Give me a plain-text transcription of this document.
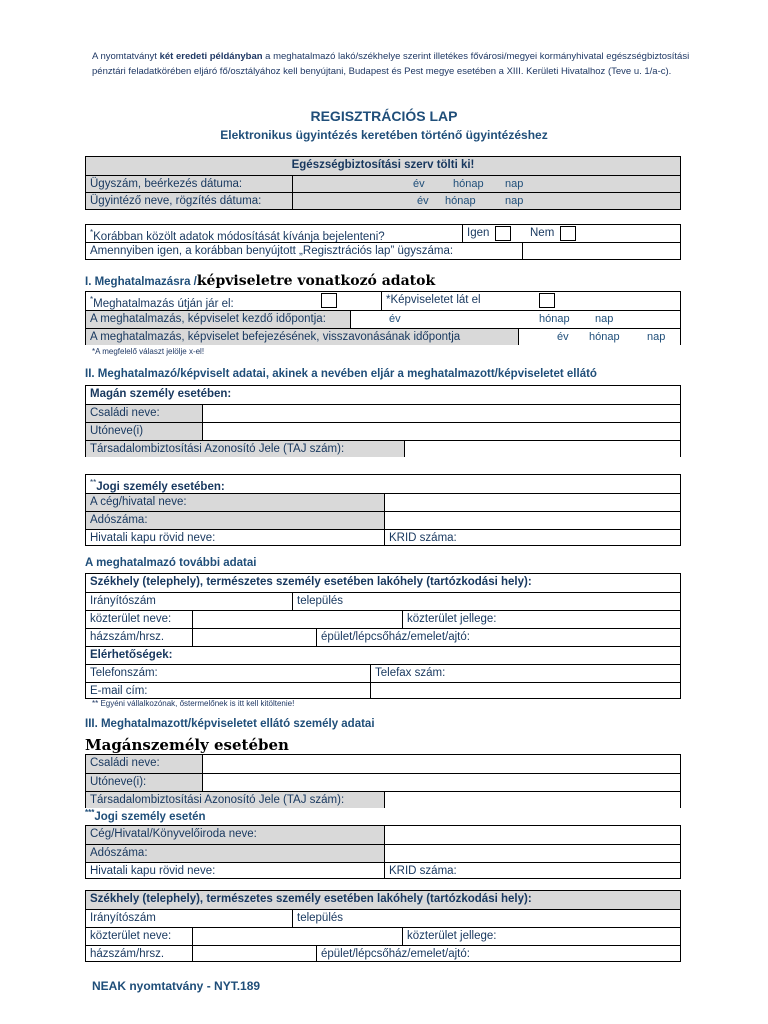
A nyomtatványt két eredeti példányban a meghatalmazó lakó/székhelye szerint illetékes fővárosi/megyei kormányhivatal egészségbiztosítási pénztári feladatkörében eljáró fő/osztályához kell benyújtani, Budapest és Pest megye esetében a XIII. Kerületi Hivatalhoz (Teve u. 1/a-c).
REGISZTRÁCIÓS LAP
Elektronikus ügyintézés keretében történő ügyintézéshez
Egészségbiztosítási szerv tölti ki!
Ügyszám, beérkezés dátuma:	év	hónap nap
Ügyintéző neve, rögzítés dátuma:	év hónap	nap
*Korábban közölt adatok módosítását kívánja bejelenteni?	Igen	Nem
Amennyiben igen, a korábban benyújtott „Regisztrációs lap” ügyszáma:
I. Meghatalmazásra /képviseletre vonatkozó adatok
*Meghatalmazás útján jár el:	*Képviseletet lát el
A meghatalmazás, képviselet kezdő időpontja:	év	hónap nap
A meghatalmazás, képviselet befejezésének, visszavonásának időpontja	év hónap nap
*A megfelelő választ jelölje x-el!
II. Meghatalmazó/képviselt adatai, akinek a nevében eljár a meghatalmazott/képviseletet ellátó
Magán személy esetében:
Családi neve:
Utóneve(i)
Társadalombiztosítási Azonosító Jele (TAJ szám):
**Jogi személy esetében:
A cég/hivatal neve:
Adószáma:
Hivatali kapu rövid neve:	KRID száma:
A meghatalmazó további adatai
Székhely (telephely), természetes személy esetében lakóhely (tartózkodási hely):
Irányítószám	település
közterület neve:	közterület jellege:
házszám/hrsz.	épület/lépcsőház/emelet/ajtó:
Elérhetőségek:
Telefonszám:	Telefax szám:
E-mail cím:
** Egyéni vállalkozónak, őstermelőnek is itt kell kitöltenie!
III. Meghatalmazott/képviseletet ellátó személy adatai
Magánszemély esetében
Családi neve:
Utóneve(i):
Társadalombiztosítási Azonosító Jele (TAJ szám):
***Jogi személy esetén
Cég/Hivatal/Könyvelőiroda neve:
Adószáma:
Hivatali kapu rövid neve:	KRID száma:
Székhely (telephely), természetes személy esetében lakóhely (tartózkodási hely):
Irányítószám	település
közterület neve:	közterület jellege:
házszám/hrsz.	épület/lépcsőház/emelet/ajtó:
NEAK nyomtatvány - NYT.189
